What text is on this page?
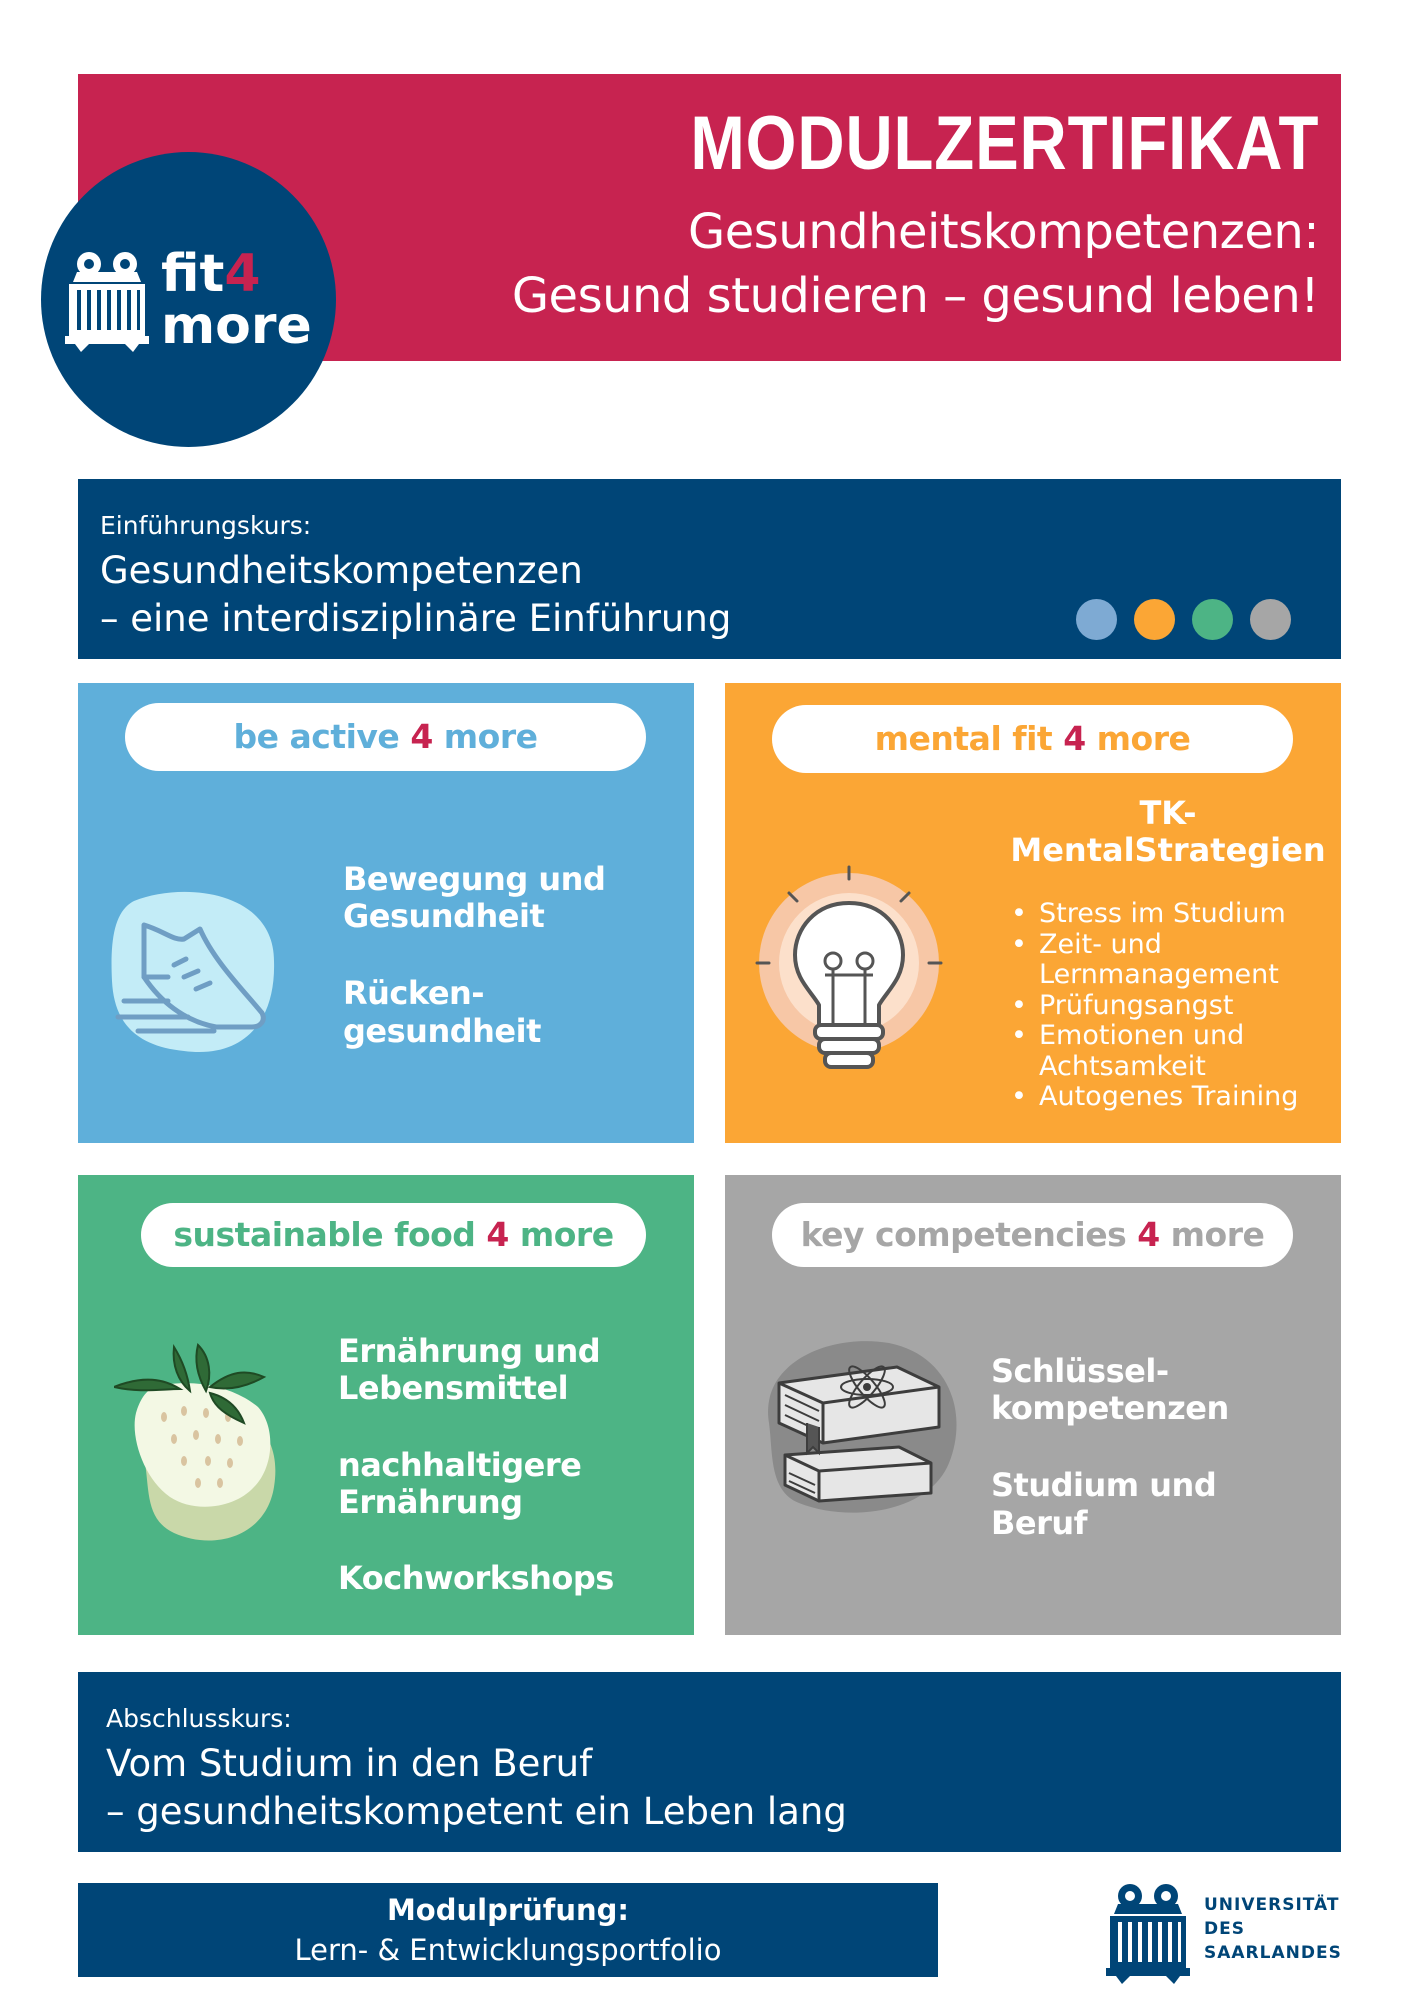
MODULZERTIFIKAT
Gesundheitskompetenzen:
Gesund studieren – gesund leben!
fit4
more
Einführungskurs:
Gesundheitskompetenzen
– eine interdisziplinäre Einführung
be active 4 more
Bewegung und
Gesundheit
Rücken-
gesundheit
mental fit 4 more
TK-
MentalStrategien
• Stress im Studium
• Zeit- und
Lernmanagement
• Prüfungsangst
• Emotionen und
Achtsamkeit
• Autogenes Training
sustainable food 4 more
Ernährung und
Lebensmittel
nachhaltigere
Ernährung
Kochworkshops
key competencies 4 more
Schlüssel-
kompetenzen
Studium und
Beruf
Abschlusskurs:
Vom Studium in den Beruf
– gesundheitskompetent ein Leben lang
Modulprüfung:
Lern- & Entwicklungsportfolio
UNIVERSITÄT
DES
SAARLANDES
